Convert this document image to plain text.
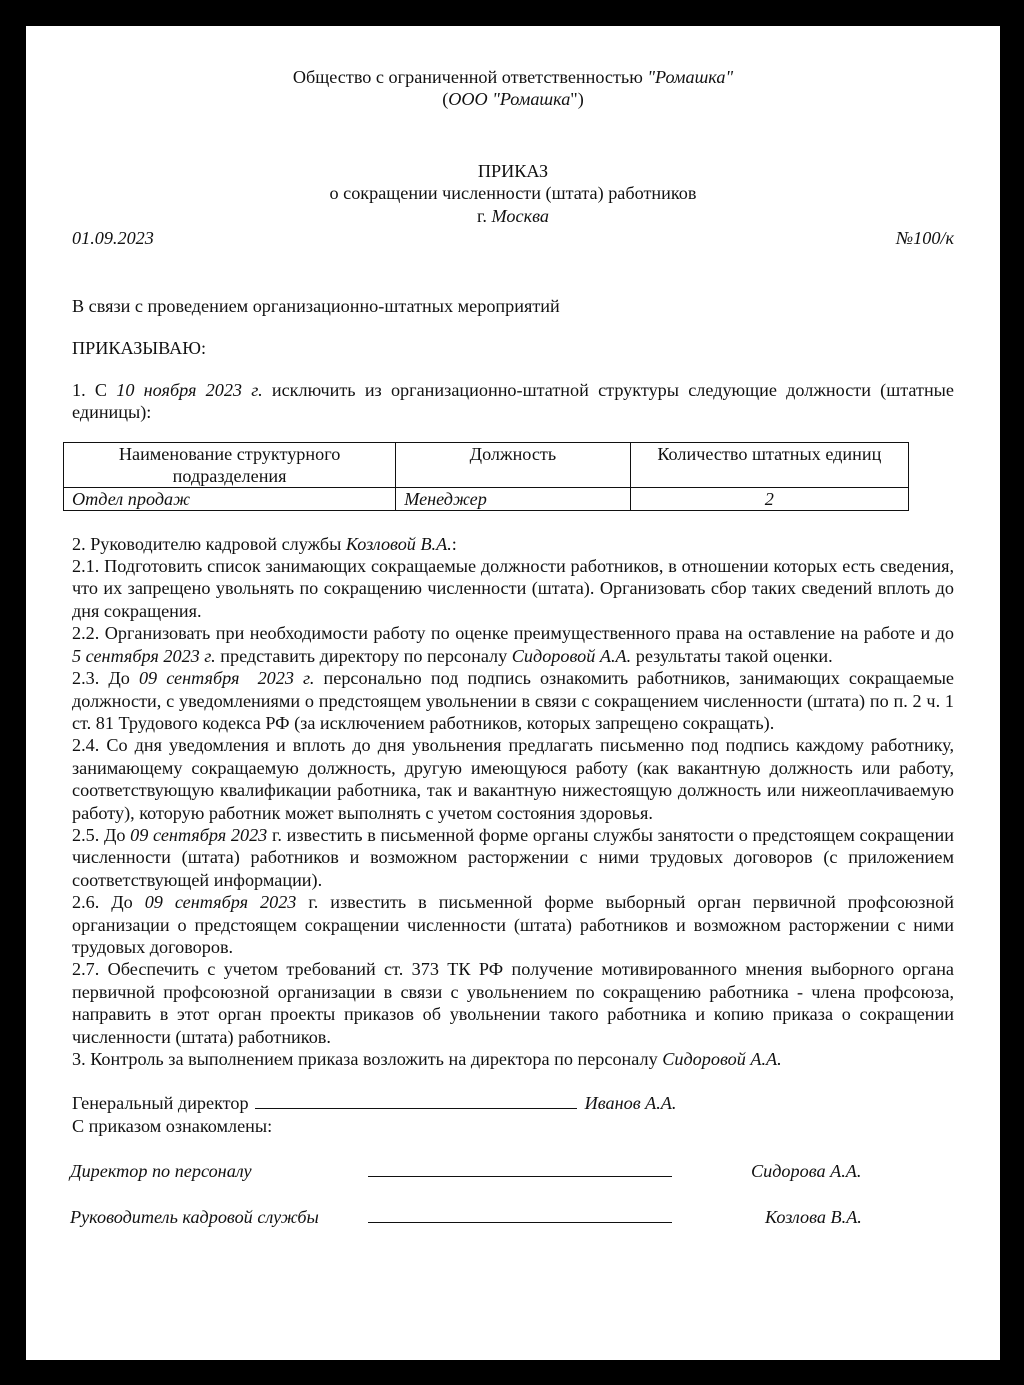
Общество с ограниченной ответственностью "Ромашка"
(ООО "Ромашка")
ПРИКАЗ
о сокращении численности (штата) работников
г. Москва
01.09.2023	№100/к

В связи с проведением организационно-штатных мероприятий

ПРИКАЗЫВАЮ:

1. С 10 ноября 2023 г. исключить из организационно-штатной структуры следующие должности (штатные единицы):

Наименование структурного подразделения	Должность	Количество штатных единиц
Отдел продаж	Менеджер	2

2. Руководителю кадровой службы Козловой В.А.:

2.1. Подготовить список занимающих сокращаемые должности работников, в отношении которых есть сведения, что их запрещено увольнять по сокращению численности (штата). Организовать сбор таких сведений вплоть до дня сокращения.

2.2. Организовать при необходимости работу по оценке преимущественного права на оставление на работе и до 5 сентября 2023 г. представить директору по персоналу Сидоровой А.А. результаты такой оценки.

2.3. До 09 сентября  2023 г. персонально под подпись ознакомить работников, занимающих сокращаемые должности, с уведомлениями о предстоящем увольнении в связи с сокращением численности (штата) по п. 2 ч. 1 ст. 81 Трудового кодекса РФ (за исключением работников, которых запрещено сокращать).

2.4. Со дня уведомления и вплоть до дня увольнения предлагать письменно под подпись каждому работнику, занимающему сокращаемую должность, другую имеющуюся работу (как вакантную должность или работу, соответствующую квалификации работника, так и вакантную нижестоящую должность или нижеоплачиваемую работу), которую работник может выполнять с учетом состояния здоровья.

2.5. До 09 сентября 2023 г. известить в письменной форме органы службы занятости о предстоящем сокращении численности (штата) работников и возможном расторжении с ними трудовых договоров (с приложением соответствующей информации).

2.6. До 09 сентября 2023 г. известить в письменной форме выборный орган первичной профсоюзной организации о предстоящем сокращении численности (штата) работников и возможном расторжении с ними трудовых договоров.

2.7. Обеспечить с учетом требований ст. 373 ТК РФ получение мотивированного мнения выборного органа первичной профсоюзной организации в связи с увольнением по сокращению работника - члена профсоюза, направить в этот орган проекты приказов об увольнении такого работника и копию приказа о сокращении численности (штата) работников.

3. Контроль за выполнением приказа возложить на директора по персоналу Сидоровой А.А.

Генеральный директор	Иванов А.А.

С приказом ознакомлены:

Директор по персоналу	Сидорова А.А.
Руководитель кадровой службы	Козлова В.А.
